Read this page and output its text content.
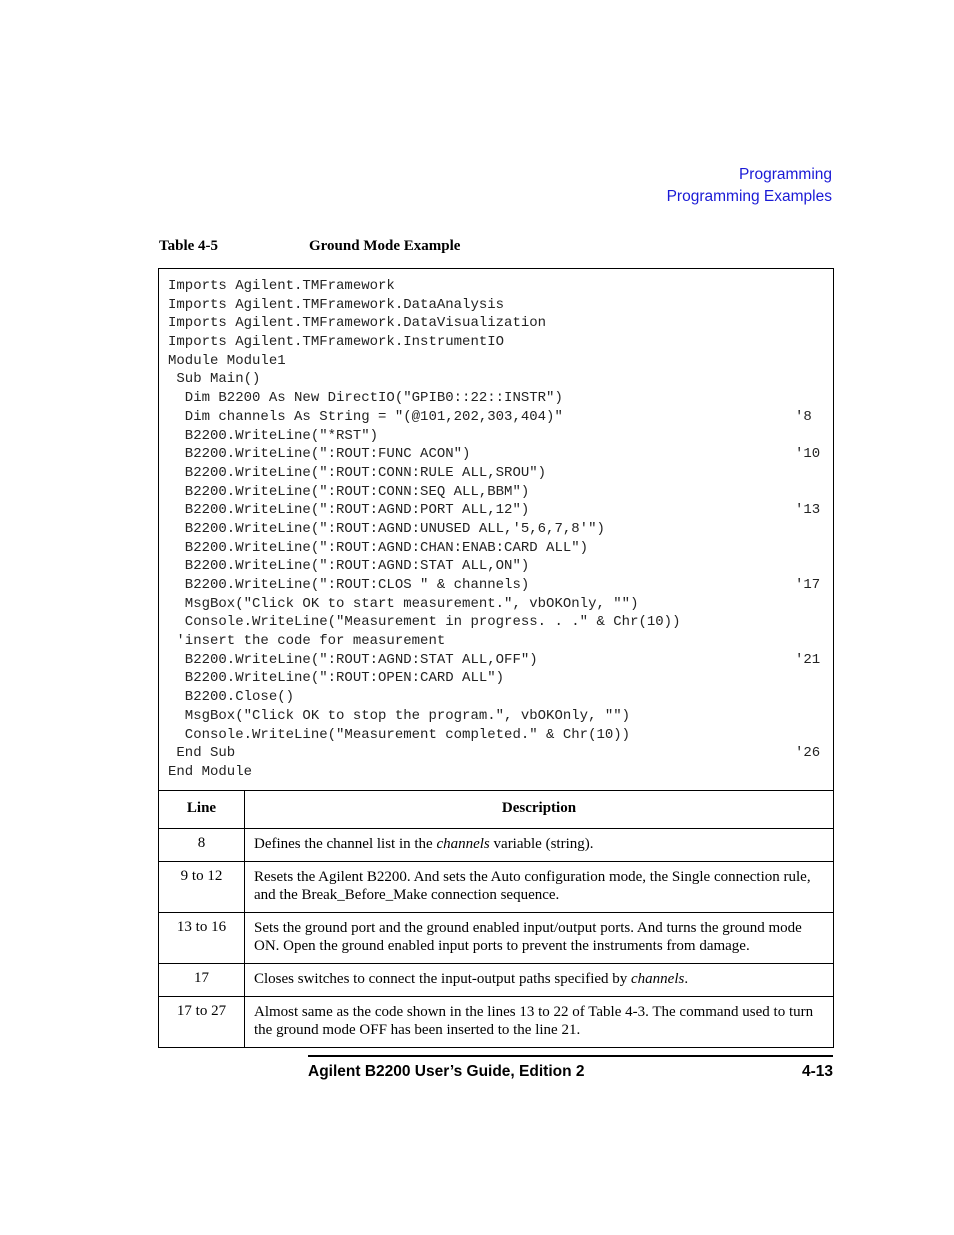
Programming
Programming Examples
Table 4-5	Ground Mode Example
Imports Agilent.TMFramework
Imports Agilent.TMFramework.DataAnalysis
Imports Agilent.TMFramework.DataVisualization
Imports Agilent.TMFramework.InstrumentIO
Module Module1
Sub Main()
Dim B2200 As New DirectIO("GPIB0::22::INSTR")
Dim channels As String = "(@101,202,303,404)"	'8
B2200.WriteLine("*RST")
B2200.WriteLine(":ROUT:FUNC ACON")	'10
B2200.WriteLine(":ROUT:CONN:RULE ALL,SROU")
B2200.WriteLine(":ROUT:CONN:SEQ ALL,BBM")
B2200.WriteLine(":ROUT:AGND:PORT ALL,12")	'13
B2200.WriteLine(":ROUT:AGND:UNUSED ALL,'5,6,7,8'")
B2200.WriteLine(":ROUT:AGND:CHAN:ENAB:CARD ALL")
B2200.WriteLine(":ROUT:AGND:STAT ALL,ON")
B2200.WriteLine(":ROUT:CLOS " & channels)	'17
MsgBox("Click OK to start measurement.", vbOKOnly, "")
Console.WriteLine("Measurement in progress. . ." & Chr(10))
'insert the code for measurement
B2200.WriteLine(":ROUT:AGND:STAT ALL,OFF")	'21
B2200.WriteLine(":ROUT:OPEN:CARD ALL")
B2200.Close()
MsgBox("Click OK to stop the program.", vbOKOnly, "")
Console.WriteLine("Measurement completed." & Chr(10))
End Sub	'26
End Module
Line	Description
8	Defines the channel list in the channels variable (string).
9 to 12	Resets the Agilent B2200. And sets the Auto configuration mode, the Single connection rule, and the Break_Before_Make connection sequence.
13 to 16	Sets the ground port and the ground enabled input/output ports. And turns the ground mode ON. Open the ground enabled input ports to prevent the instruments from damage.
17	Closes switches to connect the input-output paths specified by channels.
17 to 27	Almost same as the code shown in the lines 13 to 22 of Table 4-3. The command used to turn the ground mode OFF has been inserted to the line 21.
Agilent B2200 User’s Guide, Edition 2	4-13
